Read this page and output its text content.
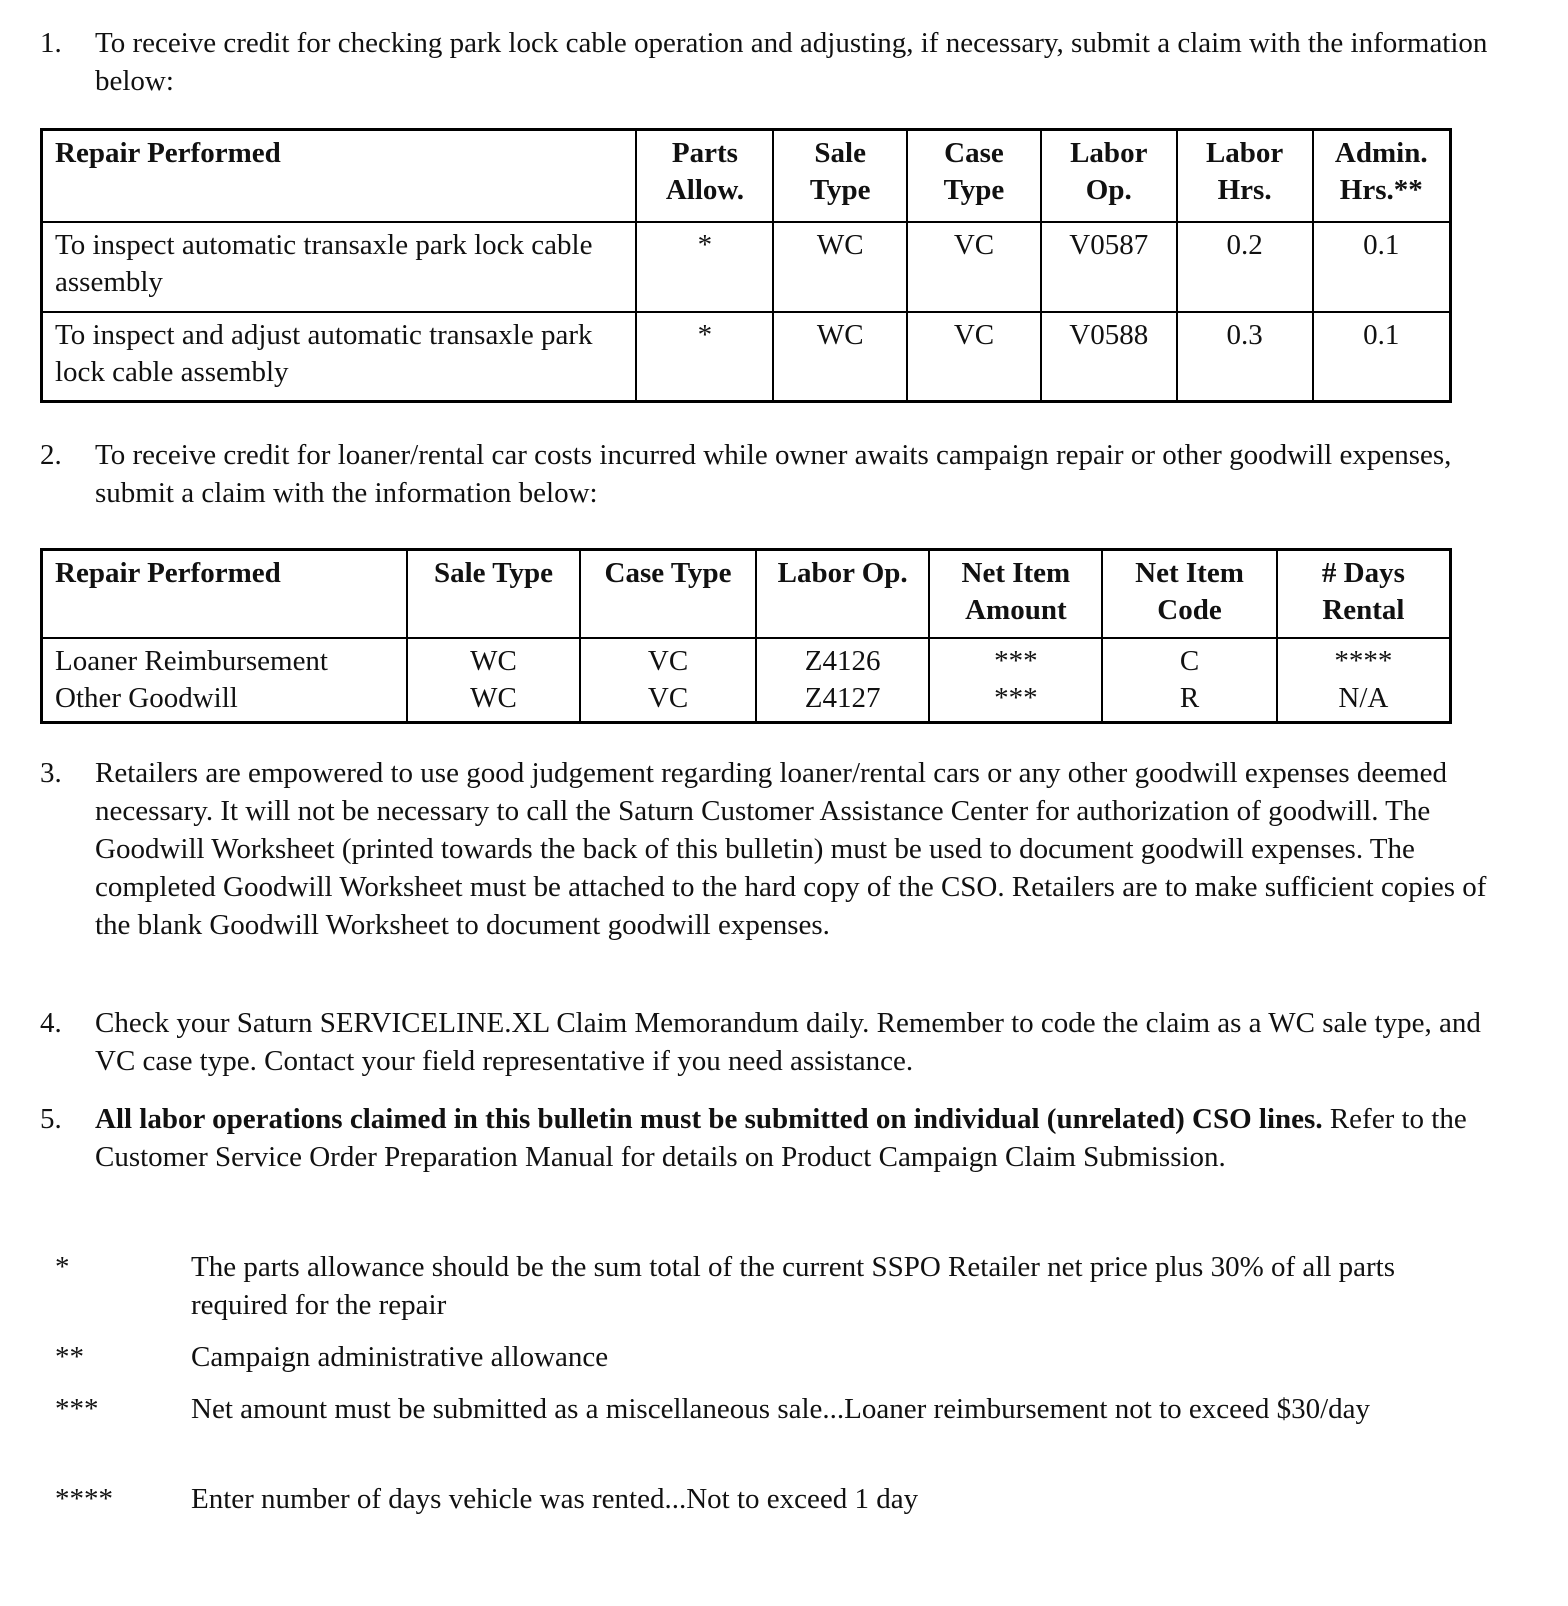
1.	To receive credit for checking park lock cable operation and adjusting, if necessary, submit a claim with the information below:
Repair Performed	Parts Allow.	Sale Type	Case Type	Labor Op.	Labor Hrs.	Admin. Hrs.**
To inspect automatic transaxle park lock cable assembly	*	WC	VC	V0587	0.2	0.1
To inspect and adjust automatic transaxle park lock cable assembly	*	WC	VC	V0588	0.3	0.1
2.	To receive credit for loaner/rental car costs incurred while owner awaits campaign repair or other goodwill expenses, submit a claim with the information below:
Repair Performed	Sale Type	Case Type	Labor Op.	Net Item Amount	Net Item Code	# Days Rental
Loaner Reimbursement	WC	VC	Z4126	***	C	****
Other Goodwill	WC	VC	Z4127	***	R	N/A
3.	Retailers are empowered to use good judgement regarding loaner/rental cars or any other goodwill expenses deemed necessary. It will not be necessary to call the Saturn Customer Assistance Center for authorization of goodwill. The Goodwill Worksheet (printed towards the back of this bulletin) must be used to document goodwill expenses. The completed Goodwill Worksheet must be attached to the hard copy of the CSO. Retailers are to make sufficient copies of the blank Goodwill Worksheet to document goodwill expenses.
4.	Check your Saturn SERVICELINE.XL Claim Memorandum daily. Remember to code the claim as a WC sale type, and VC case type. Contact your field representative if you need assistance.
5.	All labor operations claimed in this bulletin must be submitted on individual (unrelated) CSO lines. Refer to the Customer Service Order Preparation Manual for details on Product Campaign Claim Submission.
*	The parts allowance should be the sum total of the current SSPO Retailer net price plus 30% of all parts required for the repair
**	Campaign administrative allowance
***	Net amount must be submitted as a miscellaneous sale...Loaner reimbursement not to exceed $30/day
****	Enter number of days vehicle was rented...Not to exceed 1 day
